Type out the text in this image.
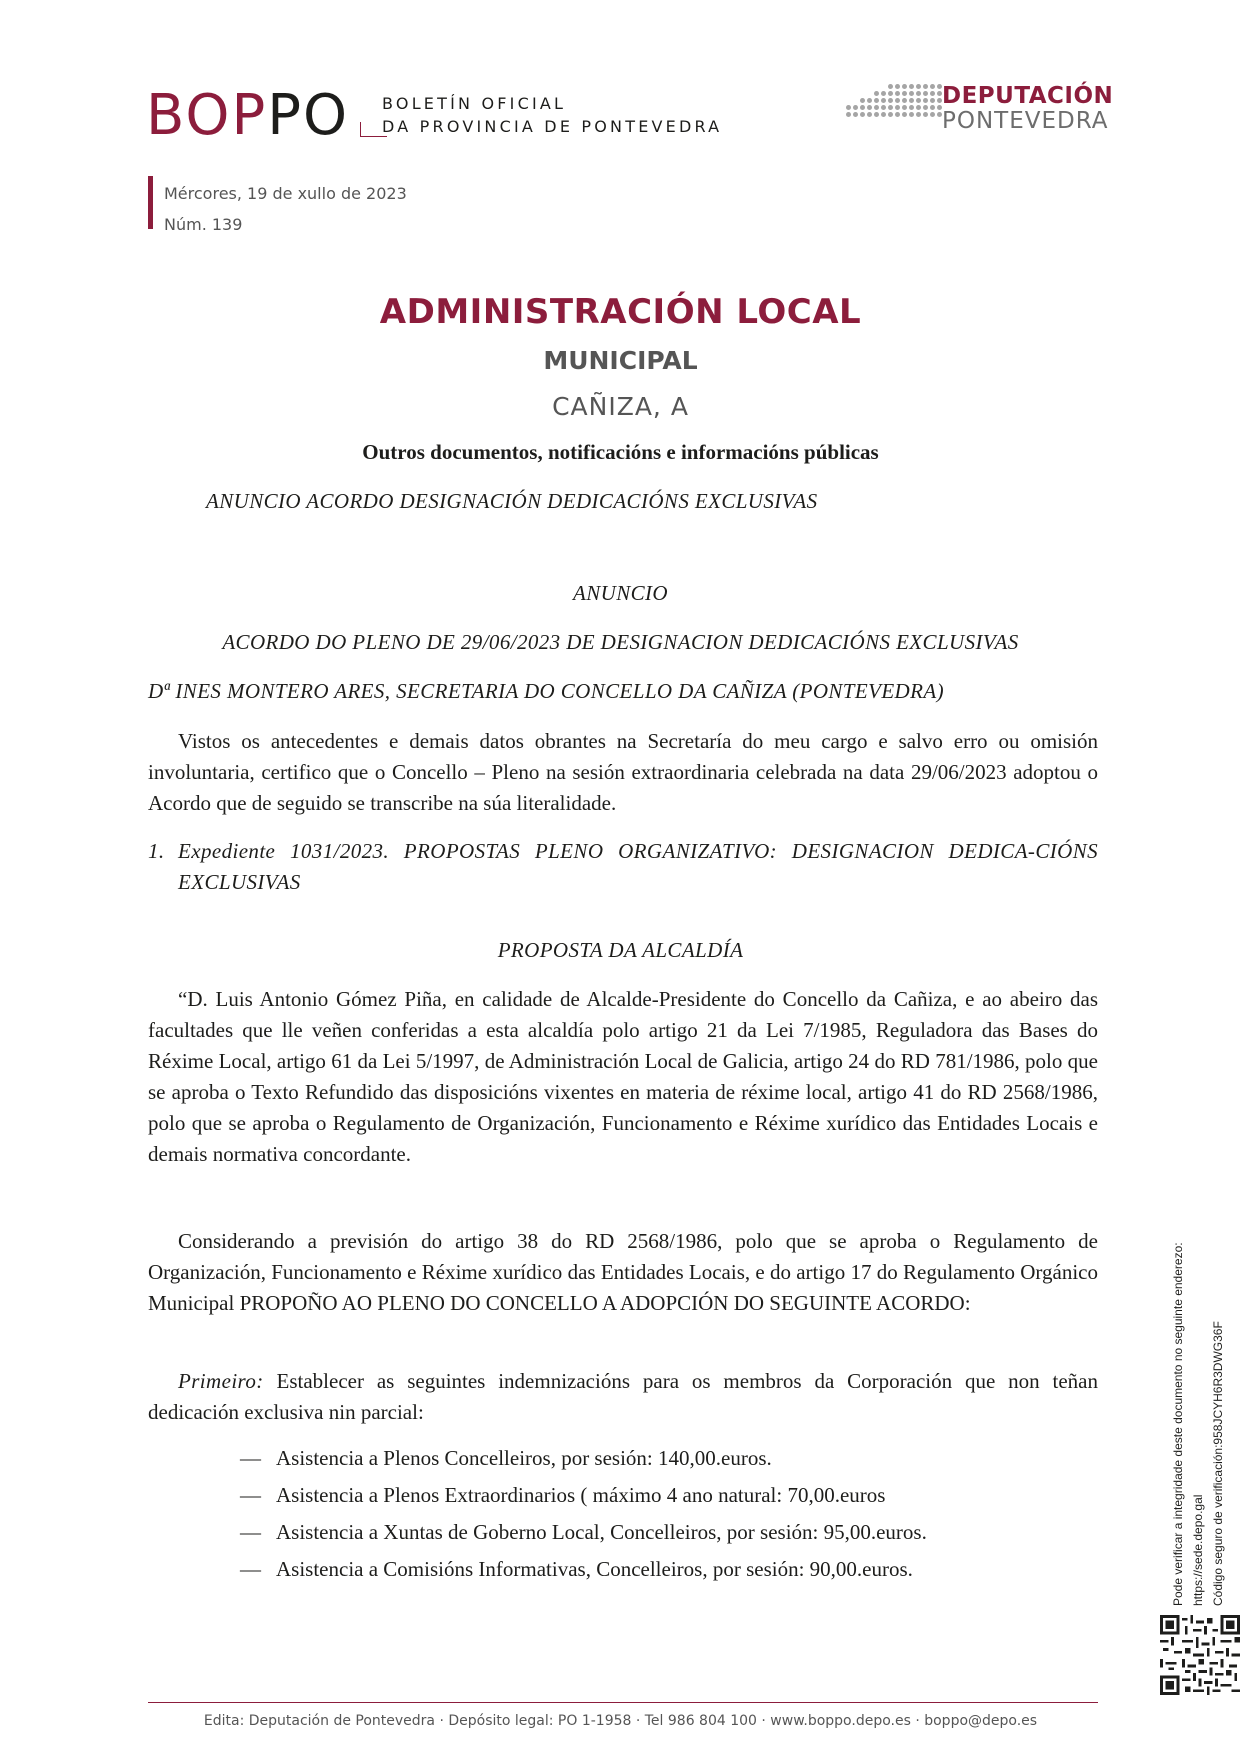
BOPPO BOLETÍN OFICIAL
DA PROVINCIA DE PONTEVEDRA
DEPUTACIÓN
PONTEVEDRA
Mércores, 19 de xullo de 2023
Núm. 139
ADMINISTRACIÓN LOCAL
MUNICIPAL
CAÑIZA, A
Outros documentos, notificacións e informacións públicas
ANUNCIO ACORDO DESIGNACIÓN DEDICACIÓNS EXCLUSIVAS
ANUNCIO
ACORDO DO PLENO DE 29/06/2023 DE DESIGNACION DEDICACIÓNS EXCLUSIVAS
Dª INES MONTERO ARES, SECRETARIA DO CONCELLO DA CAÑIZA (PONTEVEDRA)
Vistos os antecedentes e demais datos obrantes na Secretaría do meu cargo e salvo erro ou omisión involuntaria, certifico que o Concello – Pleno na sesión extraordinaria celebrada na data 29/06/2023 adoptou o Acordo que de seguido se transcribe na súa literalidade.
1. Expediente 1031/2023. PROPOSTAS PLENO ORGANIZATIVO: DESIGNACION DEDICA-CIÓNS EXCLUSIVAS
PROPOSTA DA ALCALDÍA
“D. Luis Antonio Gómez Piña, en calidade de Alcalde-Presidente do Concello da Cañiza, e ao abeiro das facultades que lle veñen conferidas a esta alcaldía polo artigo 21 da Lei 7/1985, Reguladora das Bases do Réxime Local, artigo 61 da Lei 5/1997, de Administración Local de Galicia, artigo 24 do RD 781/1986, polo que se aproba o Texto Refundido das disposicións vixentes en materia de réxime local, artigo 41 do RD 2568/1986, polo que se aproba o Regulamento de Organización, Funcionamento e Réxime xurídico das Entidades Locais e demais normativa concordante.
Considerando a previsión do artigo 38 do RD 2568/1986, polo que se aproba o Regulamento de Organización, Funcionamento e Réxime xurídico das Entidades Locais, e do artigo 17 do Regulamento Orgánico Municipal PROPOÑO AO PLENO DO CONCELLO A ADOPCIÓN DO SEGUINTE ACORDO:
Primeiro: Establecer as seguintes indemnizacións para os membros da Corporación que non teñan dedicación exclusiva nin parcial:
— Asistencia a Plenos Concelleiros, por sesión: 140,00.euros.
— Asistencia a Plenos Extraordinarios ( máximo 4 ano natural: 70,00.euros
— Asistencia a Xuntas de Goberno Local, Concelleiros, por sesión: 95,00.euros.
— Asistencia a Comisións Informativas, Concelleiros, por sesión: 90,00.euros.	Pode verificar a integridade deste documento no seguinte enderezo: https://sede.depo.gal Código seguro de verificación:958JCYH6R3DWG36F
Edita: Deputación de Pontevedra · Depósito legal: PO 1-1958 · Tel 986 804 100 · www.boppo.depo.es · boppo@depo.es
